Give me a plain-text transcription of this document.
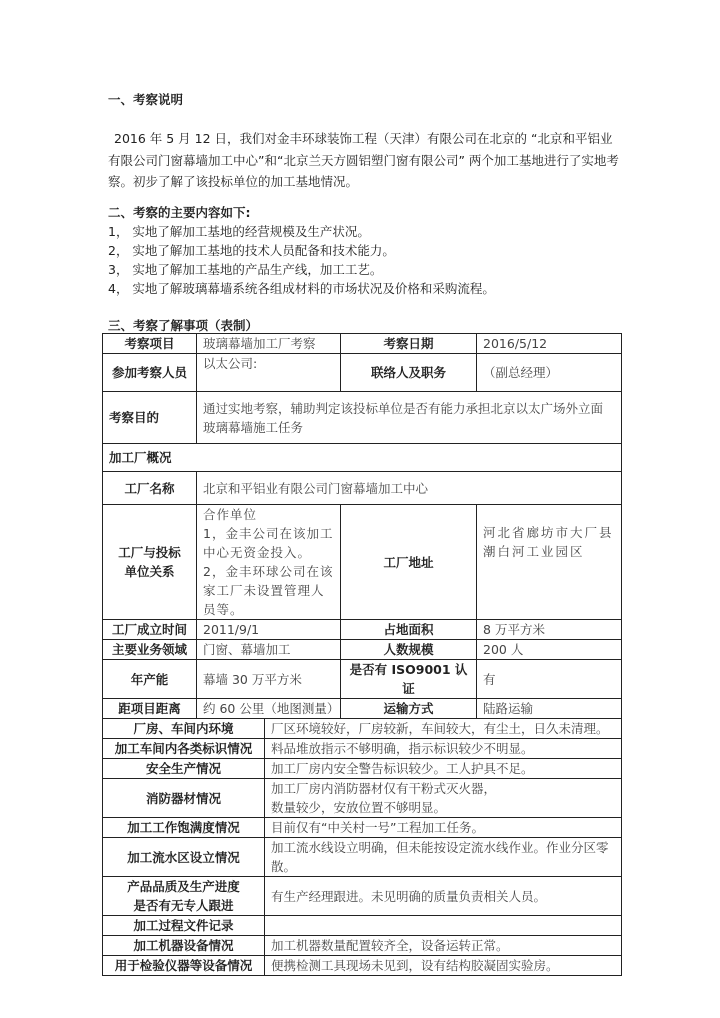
一、考察说明

2016 年 5 月 12 日，我们对金丰环球装饰工程（天津）有限公司在北京的 “北京和平铝业有限公司门窗幕墙加工中心”和“北京兰天方圆铝塑门窗有限公司” 两个加工基地进行了实地考察。初步了解了该投标单位的加工基地情况。

二、考察的主要内容如下:
1， 实地了解加工基地的经营规模及生产状况。
2， 实地了解加工基地的技术人员配备和技术能力。
3， 实地了解加工基地的产品生产线，加工工艺。
4， 实地了解玻璃幕墙系统各组成材料的市场状况及价格和采购流程。
三、考察了解事项（表制）
考察项目	玻璃幕墙加工厂考察		考察日期	2016/5/12
参加考察人员	以太公司:		联络人及职务	（副总经理）
考察目的	通过实地考察，辅助判定该投标单位是否有能力承担北京以太广场外立面玻璃幕墙施工任务			
加工厂概况				
工厂名称	北京和平铝业有限公司门窗幕墙加工中心			
工厂与投标单位关系	合作单位
1，金丰公司在该加工中心无资金投入。
2，金丰环球公司在该家工厂未设置管理人员等。		工厂地址	河北省廊坊市大厂县潮白河工业园区
工厂成立时间	2011/9/1		占地面积	8 万平方米
主要业务领域	门窗、幕墙加工		人数规模	200 人
年产能	幕墙 30 万平方米		是否有 ISO9001 认证	有
距项目距离	约 60 公里（地图测量）		运输方式	陆路运输
厂房、车间内环境		厂区环境较好，厂房较新，车间较大，有尘土，日久未清理。		
加工车间内各类标识情况		料品堆放指示不够明确，指示标识较少不明显。		
安全生产情况		加工厂房内安全警告标识较少。工人护具不足。		
消防器材情况		加工厂房内消防器材仅有干粉式灭火器，
数量较少，安放位置不够明显。		
加工工作饱满度情况		目前仅有“中关村一号”工程加工任务。		
加工流水区设立情况		加工流水线设立明确，但未能按设定流水线作业。作业分区零散。		
产品品质及生产进度
是否有无专人跟进		有生产经理跟进。未见明确的质量负责相关人员。		
加工过程文件记录				
加工机器设备情况		加工机器数量配置较齐全，设备运转正常。		
用于检验仪器等设备情况		便携检测工具现场未见到，设有结构胶凝固实验房。		
